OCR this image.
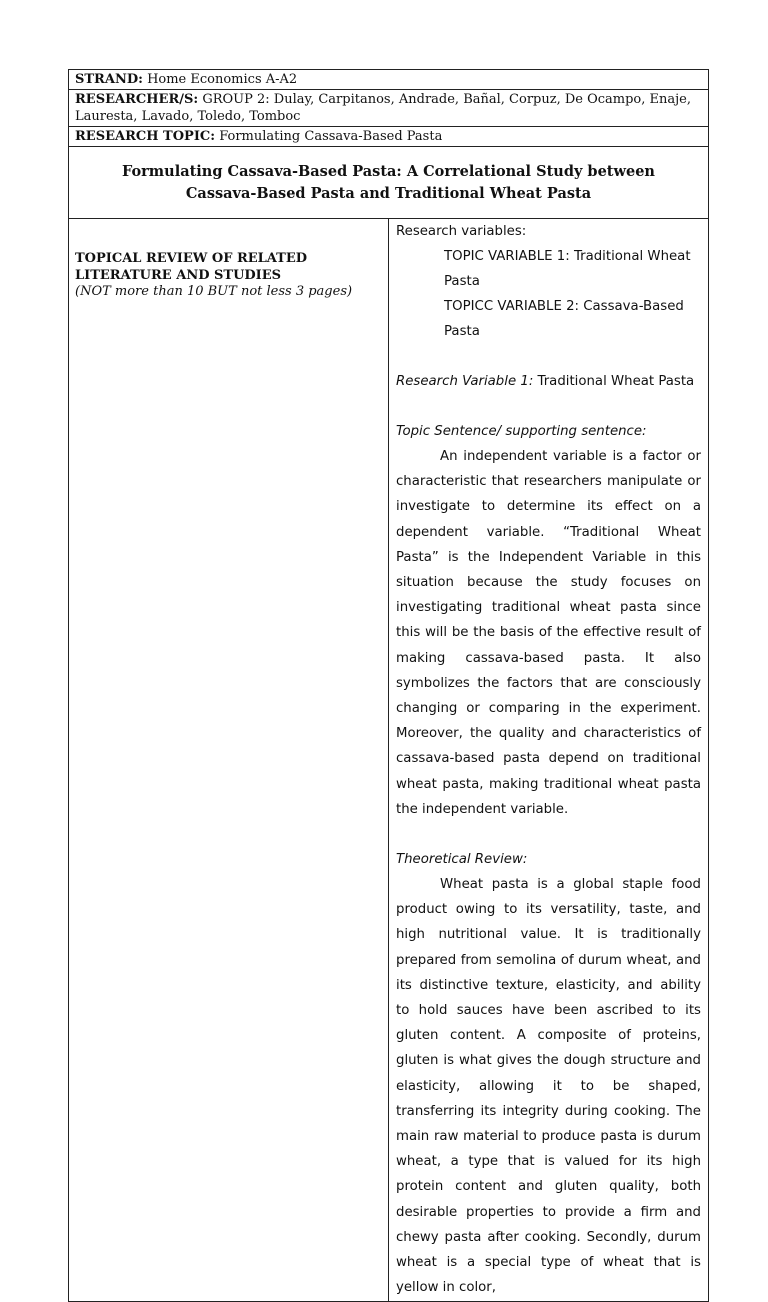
STRAND: Home Economics A-A2
RESEARCHER/S: GROUP 2: Dulay, Carpitanos, Andrade, Bañal, Corpuz, De Ocampo, Enaje, Lauresta, Lavado, Toledo, Tomboc
RESEARCH TOPIC: Formulating Cassava-Based Pasta

Formulating Cassava-Based Pasta: A Correlational Study between
Cassava-Based Pasta and Traditional Wheat Pasta

TOPICAL REVIEW OF RELATED LITERATURE AND STUDIES
(NOT more than 10 BUT not less 3 pages)

Research variables:
TOPIC VARIABLE 1: Traditional Wheat Pasta
TOPICC VARIABLE 2: Cassava-Based Pasta
Research Variable 1: Traditional Wheat Pasta
Topic Sentence/ supporting sentence:

An independent variable is a factor or characteristic that researchers manipulate or investigate to determine its effect on a dependent variable. “Traditional Wheat Pasta” is the Independent Variable in this situation because the study focuses on investigating traditional wheat pasta since this will be the basis of the effective result of making cassava-based pasta. It also symbolizes the factors that are consciously changing or comparing in the experiment. Moreover, the quality and characteristics of cassava-based pasta depend on traditional wheat pasta, making traditional wheat pasta the independent variable.

Theoretical Review:

Wheat pasta is a global staple food product owing to its versatility, taste, and high nutritional value. It is traditionally prepared from semolina of durum wheat, and its distinctive texture, elasticity, and ability to hold sauces have been ascribed to its gluten content. A composite of proteins, gluten is what gives the dough structure and elasticity, allowing it to be shaped, transferring its integrity during cooking. The main raw material to produce pasta is durum wheat, a type that is valued for its high protein content and gluten quality, both desirable properties to provide a firm and chewy pasta after cooking. Secondly, durum wheat is a special type of wheat that is yellow in color,
